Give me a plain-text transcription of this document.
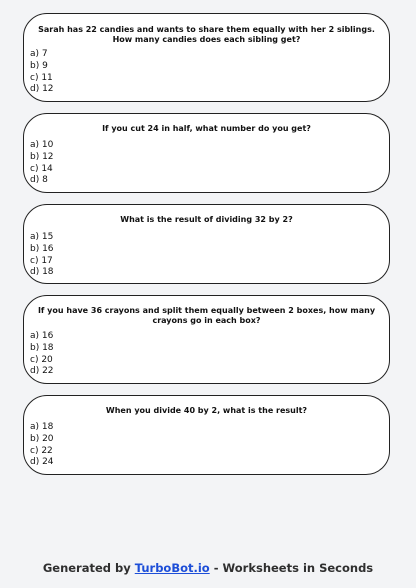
Sarah has 22 candies and wants to share them equally with her 2 siblings. How many candies does each sibling get?
a) 7
b) 9
c) 11
d) 12
If you cut 24 in half, what number do you get?
a) 10
b) 12
c) 14
d) 8
What is the result of dividing 32 by 2?
a) 15
b) 16
c) 17
d) 18
If you have 36 crayons and split them equally between 2 boxes, how many crayons go in each box?
a) 16
b) 18
c) 20
d) 22
When you divide 40 by 2, what is the result?
a) 18
b) 20
c) 22
d) 24
Generated by TurboBot.io - Worksheets in Seconds
